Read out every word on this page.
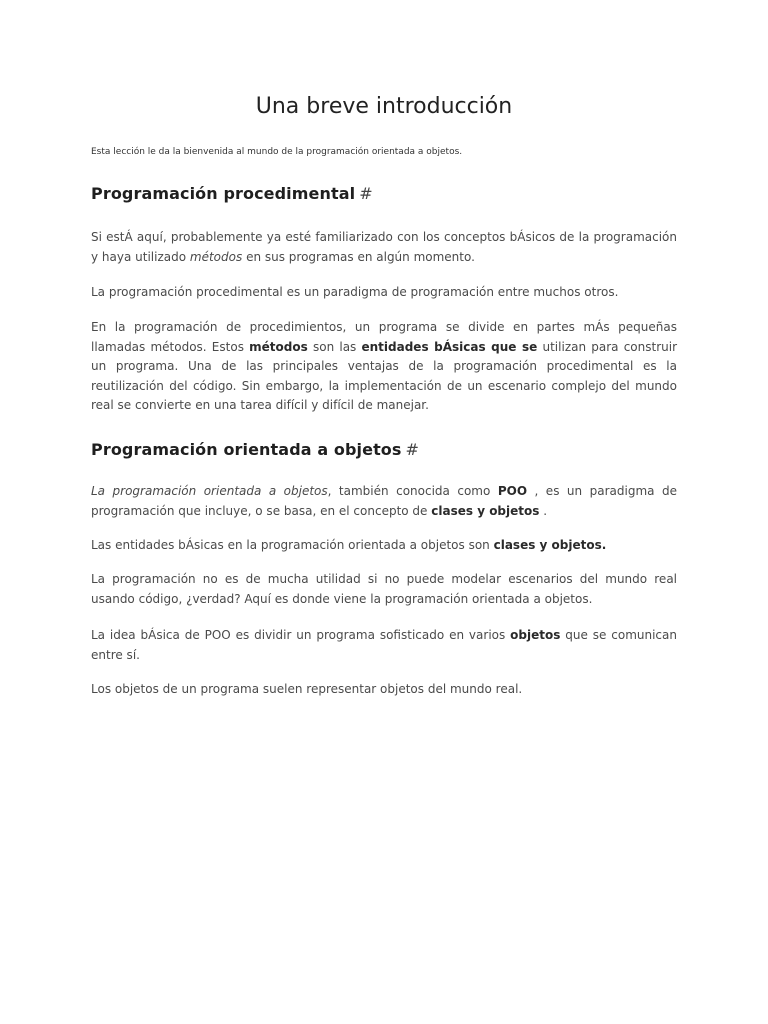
Una breve introducción

Esta lección le da la bienvenida al mundo de la programación orientada a objetos.

Programación procedimental #

Si estÁ aquí, probablemente ya esté familiarizado con los conceptos bÁsicos de la programación y haya utilizado métodos en sus programas en algún momento.

La programación procedimental es un paradigma de programación entre muchos otros.

En la programación de procedimientos, un programa se divide en partes mÁs pequeñas llamadas métodos. Estos métodos son las entidades bÁsicas que se utilizan para construir un programa. Una de las principales ventajas de la programación procedimental es la reutilización del código. Sin embargo, la implementación de un escenario complejo del mundo real se convierte en una tarea difícil y difícil de manejar.

Programación orientada a objetos #

La programación orientada a objetos, también conocida como POO , es un paradigma de programación que incluye, o se basa, en el concepto de clases y objetos .

Las entidades bÁsicas en la programación orientada a objetos son clases y objetos.

La programación no es de mucha utilidad si no puede modelar escenarios del mundo real usando código, ¿verdad? Aquí es donde viene la programación orientada a objetos.

La idea bÁsica de POO es dividir un programa sofisticado en varios objetos que se comunican entre sí.

Los objetos de un programa suelen representar objetos del mundo real.
